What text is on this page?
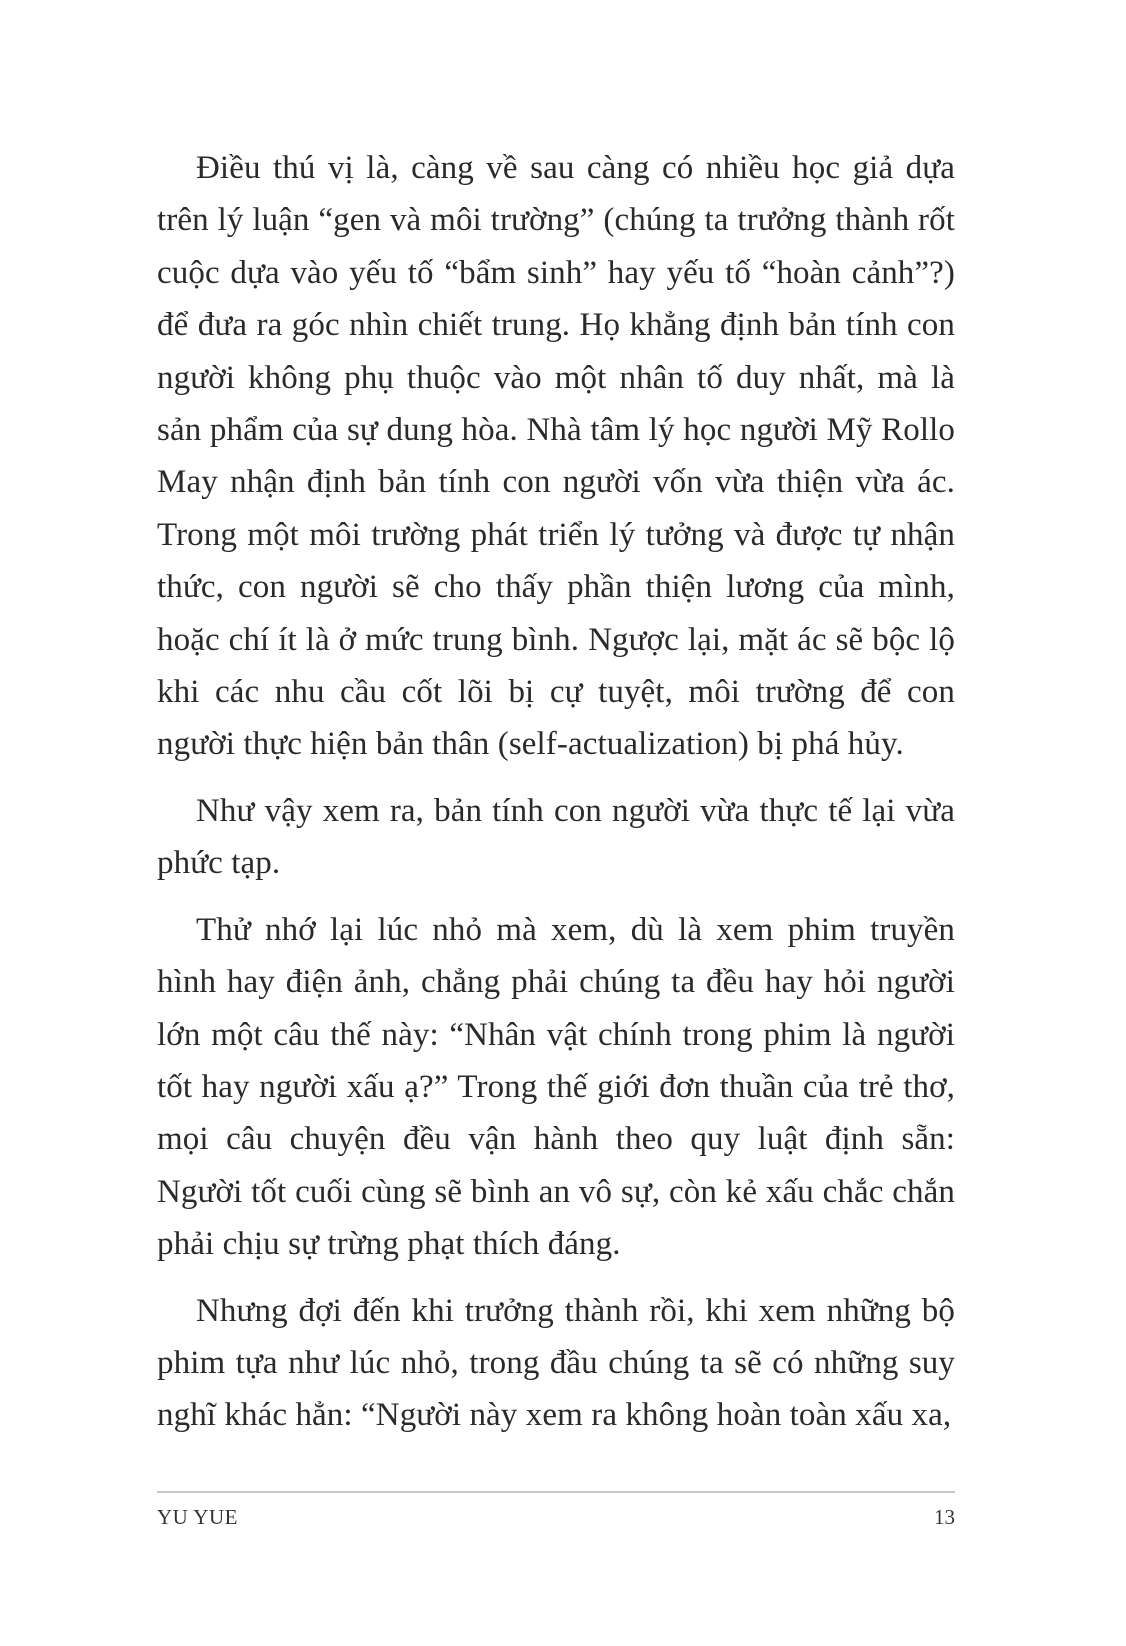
Điều thú vị là, càng về sau càng có nhiều học giả dựa trên lý luận “gen và môi trường” (chúng ta trưởng thành rốt cuộc dựa vào yếu tố “bẩm sinh” hay yếu tố “hoàn cảnh”?) để đưa ra góc nhìn chiết trung. Họ khẳng định bản tính con người không phụ thuộc vào một nhân tố duy nhất, mà là sản phẩm của sự dung hòa. Nhà tâm lý học người Mỹ Rollo May nhận định bản tính con người vốn vừa thiện vừa ác. Trong một môi trường phát triển lý tưởng và được tự nhận thức, con người sẽ cho thấy phần thiện lương của mình, hoặc chí ít là ở mức trung bình. Ngược lại, mặt ác sẽ bộc lộ khi các nhu cầu cốt lõi bị cự tuyệt, môi trường để con người thực hiện bản thân (self-actualization) bị phá hủy.

Như vậy xem ra, bản tính con người vừa thực tế lại vừa phức tạp.

Thử nhớ lại lúc nhỏ mà xem, dù là xem phim truyền hình hay điện ảnh, chẳng phải chúng ta đều hay hỏi người lớn một câu thế này: “Nhân vật chính trong phim là người tốt hay người xấu ạ?” Trong thế giới đơn thuần của trẻ thơ, mọi câu chuyện đều vận hành theo quy luật định sẵn: Người tốt cuối cùng sẽ bình an vô sự, còn kẻ xấu chắc chắn phải chịu sự trừng phạt thích đáng.

Nhưng đợi đến khi trưởng thành rồi, khi xem những bộ phim tựa như lúc nhỏ, trong đầu chúng ta sẽ có những suy nghĩ khác hẳn: “Người này xem ra không hoàn toàn xấu xa,

YU YUE	13
